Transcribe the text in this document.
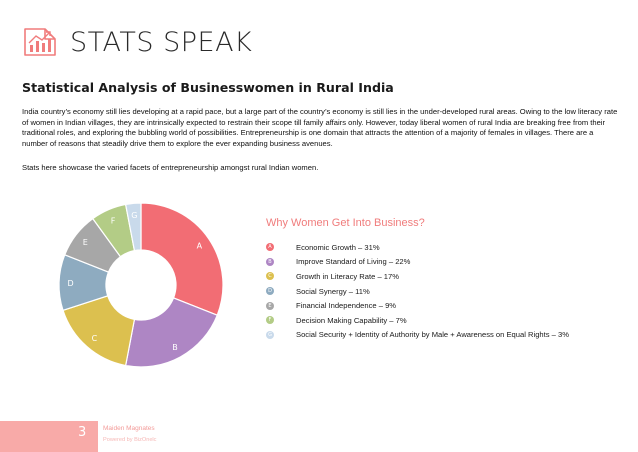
STATS SPEAK
Statistical Analysis of Businesswomen in Rural India
India country’s economy still lies developing at a rapid pace, but a large part of the country’s economy is still lies in the under-developed rural areas. Owing to the low literacy rate of women in Indian villages, they are intrinsically expected to restrain their scope till family affairs only. However, today liberal women of rural India are breaking free from their traditional roles, and exploring the bubbling world of possibilities. Entrepreneurship is one domain that attracts the attention of a majority of females in villages. There are a number of reasons that steadily drive them to explore the ever expanding business avenues.
Stats here showcase the varied facets of entrepreneurship amongst rural Indian women.
A
B
C
D
E
F
G
Why Women Get Into Business?
A	Economic Growth – 31%
B	Improve Standard of Living – 22%
C	Growth in Literacy Rate – 17%
D	Social Synergy – 11%
E	Financial Independence – 9%
F	Decision Making Capability – 7%
G	Social Security + Identity of Authority by Male + Awareness on Equal Rights – 3%
3	Maiden Magnates
Powered by BizOnelc
